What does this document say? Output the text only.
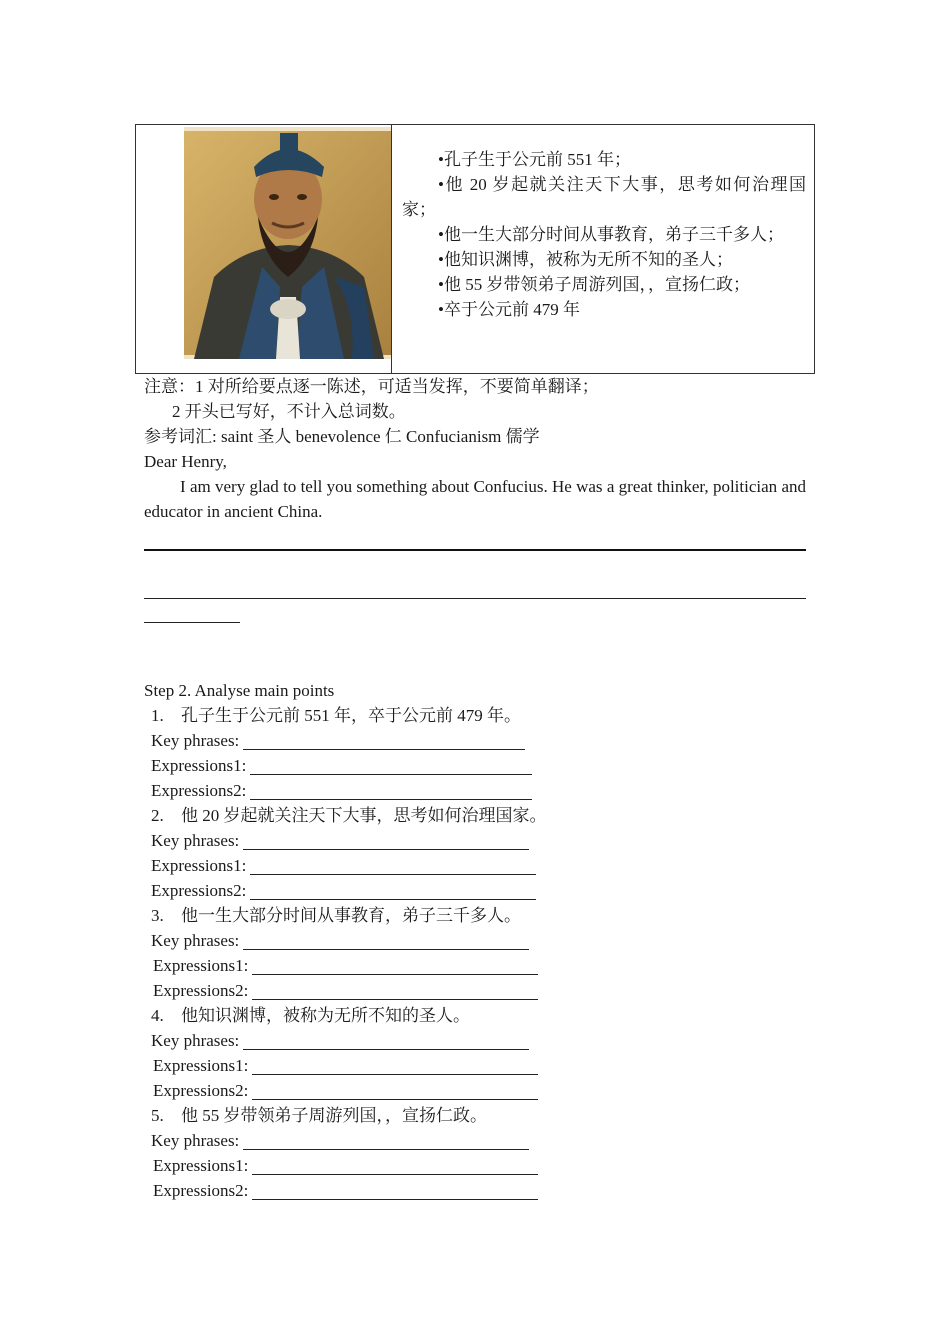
•孔子生于公元前 551 年；

•他 20 岁起就关注天下大事，思考如何治理国家；

•他一生大部分时间从事教育，弟子三千多人；

•他知识渊博，被称为无所不知的圣人；

•他 55 岁带领弟子周游列国，，宣扬仁政；

•卒于公元前 479 年

注意：1 对所给要点逐一陈述，可适当发挥，不要简单翻译；

2 开头已写好，不计入总词数。

参考词汇: saint 圣人 benevolence 仁 Confucianism 儒学

Dear Henry,

I am very glad to tell you something about Confucius. He was a great thinker, politician and educator in ancient China.

Step 2. Analyse main points

1.	孔子生于公元前 551 年，卒于公元前 479 年。
Key phrases:
Expressions1:
Expressions2:
2.	他 20 岁起就关注天下大事，思考如何治理国家。
Key phrases:
Expressions1:
Expressions2:
3.	他一生大部分时间从事教育，弟子三千多人。
Key phrases:
Expressions1:
Expressions2:
4.	他知识渊博，被称为无所不知的圣人。
Key phrases:
Expressions1:
Expressions2:
5.	他 55 岁带领弟子周游列国，，宣扬仁政。
Key phrases:
Expressions1:
Expressions2:
